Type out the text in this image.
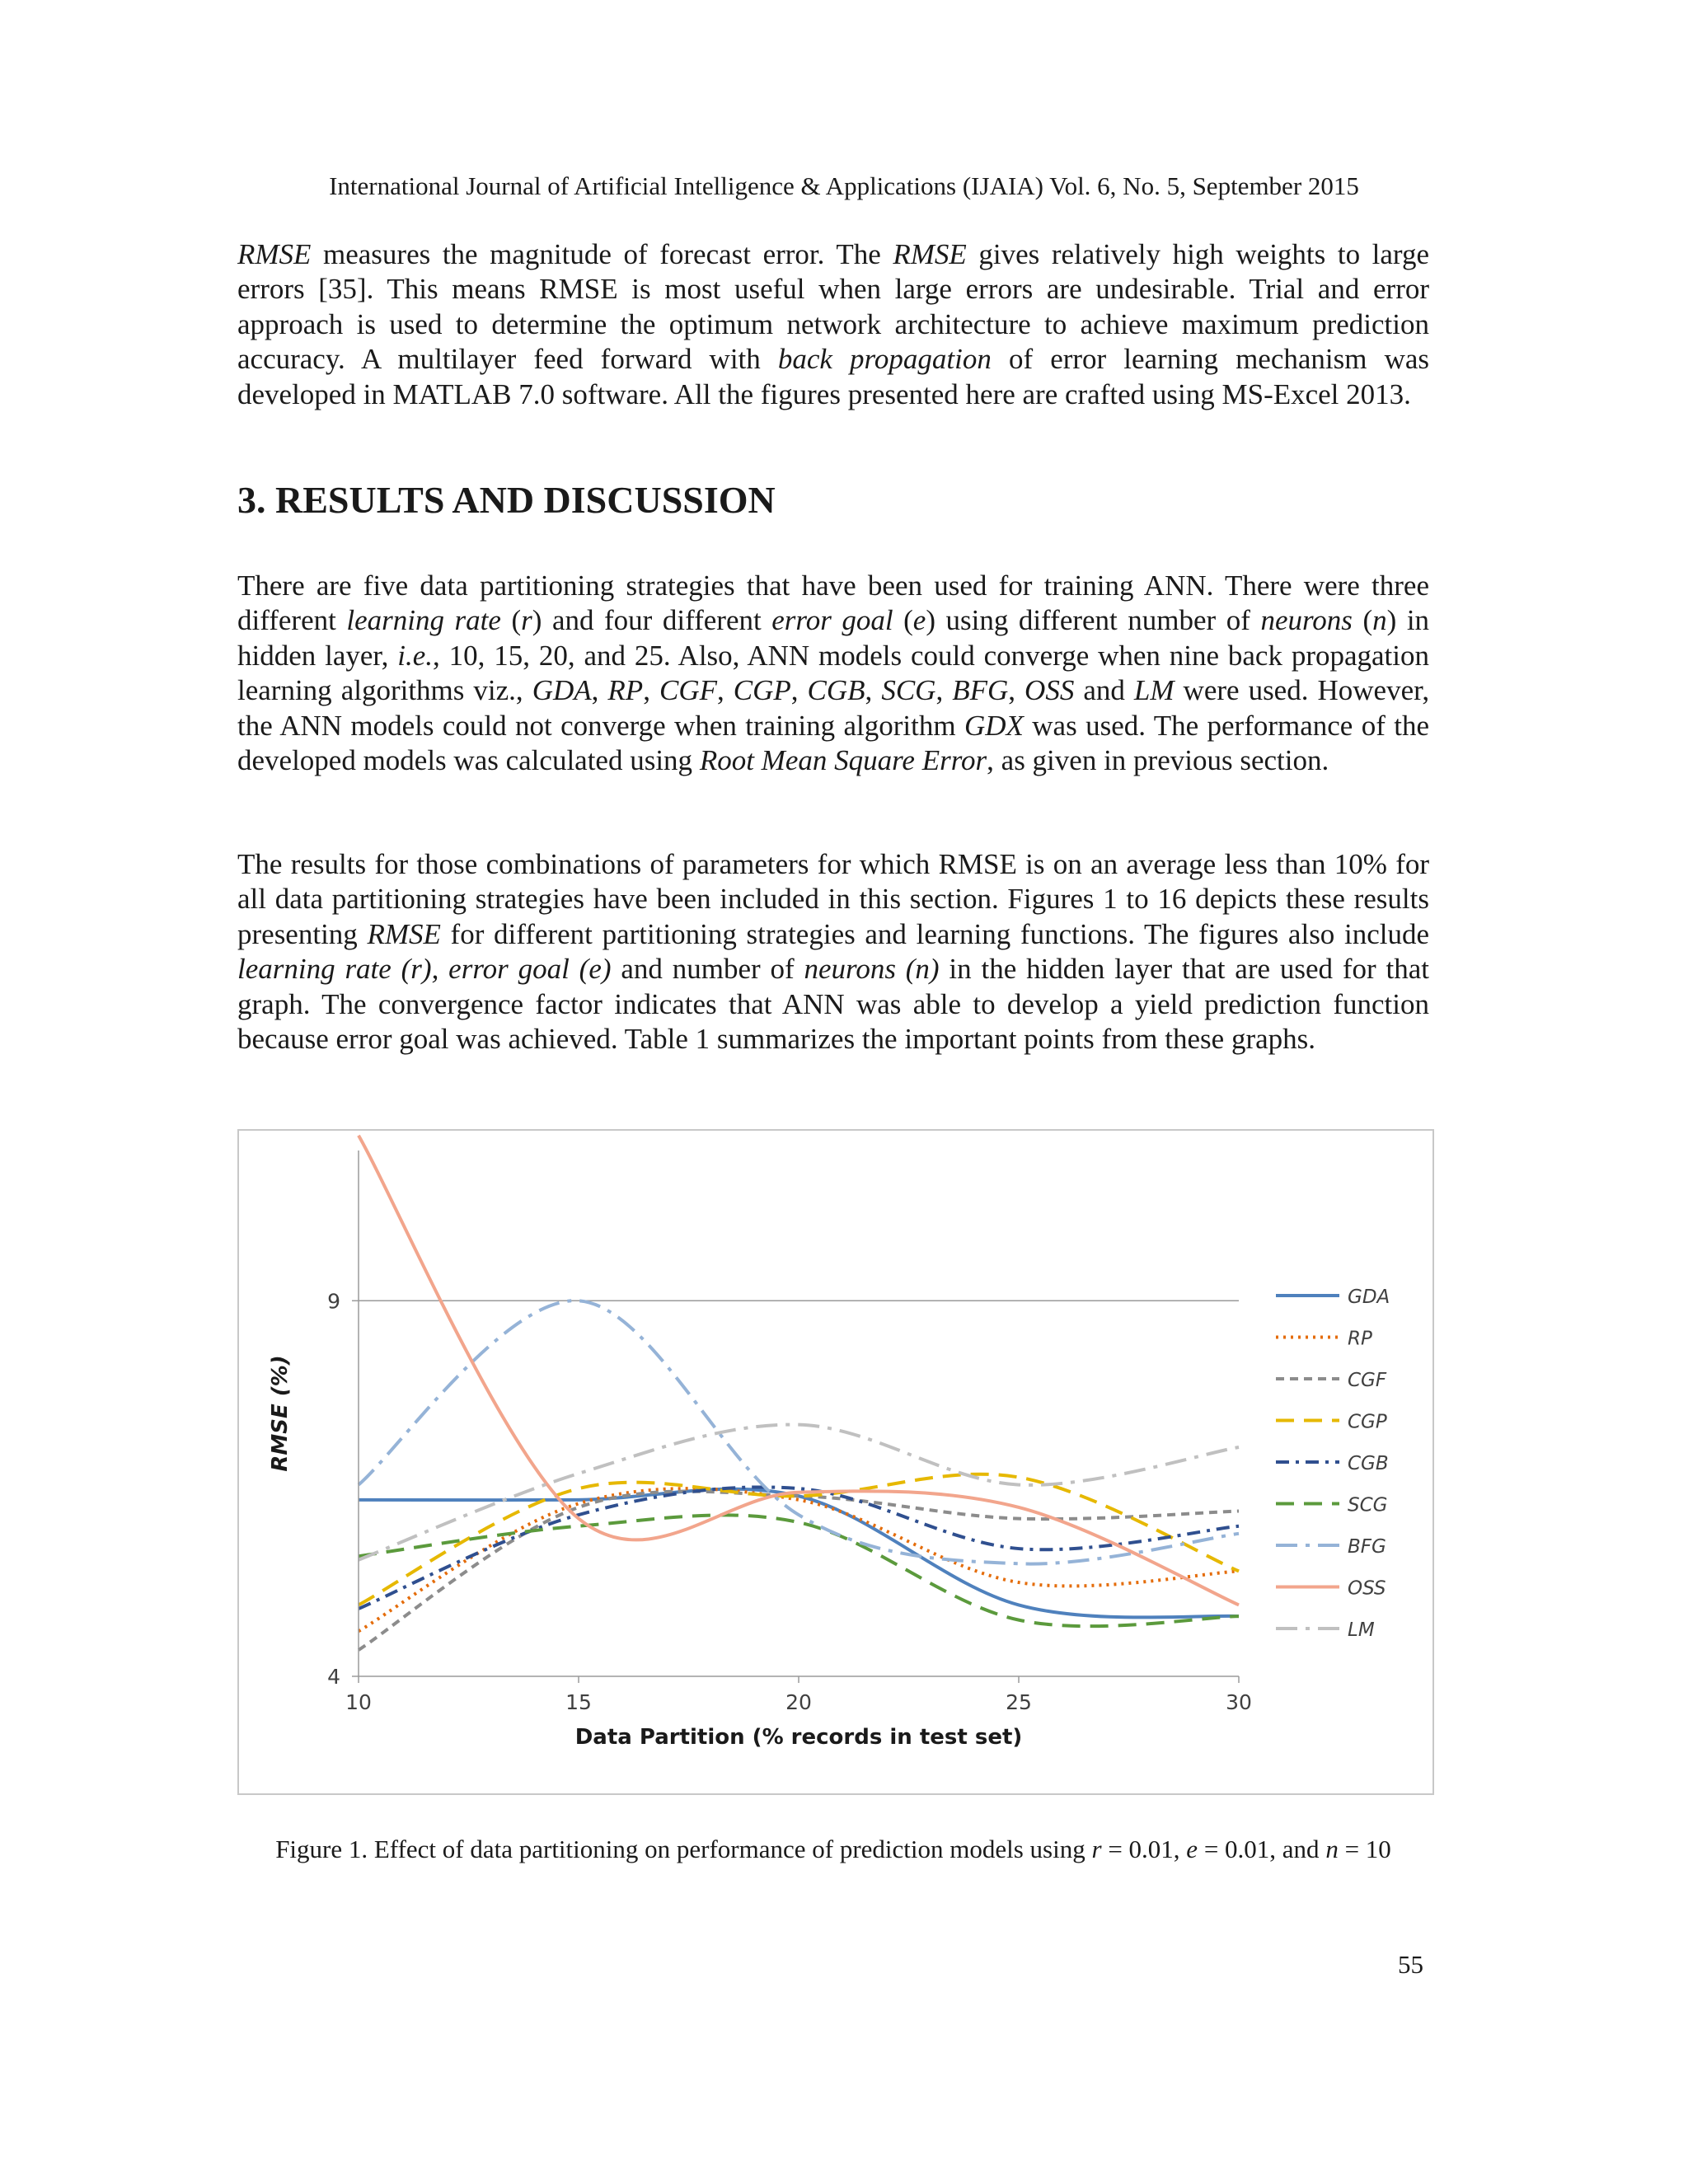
International Journal of Artificial Intelligence & Applications (IJAIA) Vol. 6, No. 5, September 2015

RMSE measures the magnitude of forecast error. The RMSE gives relatively high weights to large errors [35]. This means RMSE is most useful when large errors are undesirable. Trial and error approach is used to determine the optimum network architecture to achieve maximum prediction accuracy. A multilayer feed forward with back propagation of error learning mechanism was developed in MATLAB 7.0 software. All the figures presented here are crafted using MS-Excel 2013.

3. RESULTS AND DISCUSSION

There are five data partitioning strategies that have been used for training ANN. There were three different learning rate (r) and four different error goal (e) using different number of neurons (n) in hidden layer, i.e., 10, 15, 20, and 25. Also, ANN models could converge when nine back propagation learning algorithms viz., GDA, RP, CGF, CGP, CGB, SCG, BFG, OSS and LM were used. However, the ANN models could not converge when training algorithm GDX was used. The performance of the developed models was calculated using Root Mean Square Error, as given in previous section.

The results for those combinations of parameters for which RMSE is on an average less than 10% for all data partitioning strategies have been included in this section. Figures 1 to 16 depicts these results presenting RMSE for different partitioning strategies and learning functions. The figures also include learning rate (r), error goal (e) and number of neurons (n) in the hidden layer that are used for that graph. The convergence factor indicates that ANN was able to develop a yield prediction function because error goal was achieved. Table 1 summarizes the important points from these graphs.

10	15	20	25	30
4
9
Data Partition (% records in test set)
RMSE (%)
GDA
RP
CGF
CGP
CGB
SCG
BFG
OSS
LM
Figure 1. Effect of data partitioning on performance of prediction models using r = 0.01, e = 0.01, and n = 10
55
